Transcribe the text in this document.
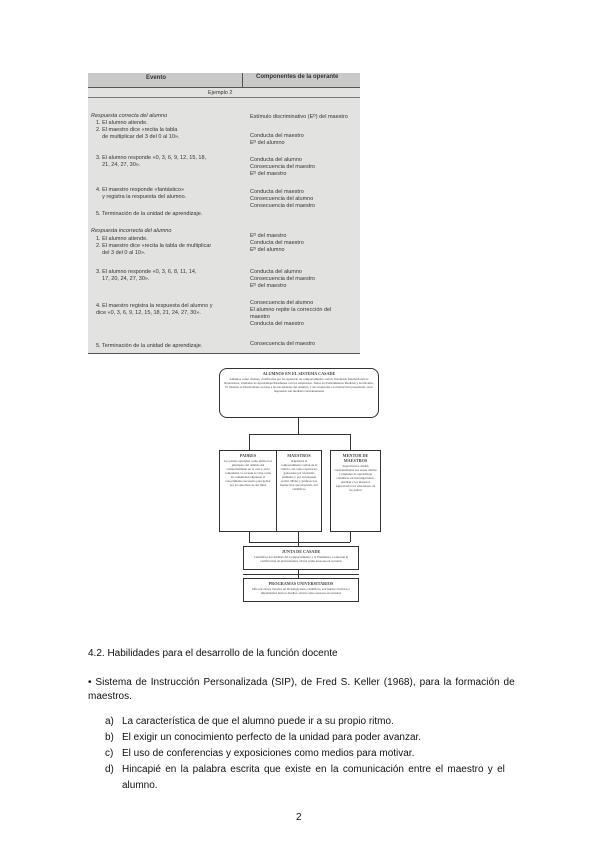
Evento	Componentes de la operante
Ejemplo 2
Respuesta correcta del alumno
1. El alumno atiende.
2. El maestro dice «recita la tabla
de multiplicar del 3 del 0 al 10».
3. El alumno responde «0, 3, 6, 9, 12, 15, 18,
21, 24, 27, 30».
4. El maestro responde «fantástico»
y registra la respuesta del alumno.
5. Terminación de la unidad de aprendizaje.
Respuesta incorrecta del alumno
1. El alumno atiende.
2. El maestro dice «recita la tabla de multiplicar
del 3 del 0 al 10».
3. El alumno responde «0, 3, 6, 8, 11, 14,
17, 20, 24, 27, 30».
4. El maestro registra la respuesta del alumno y
dice «0, 3, 6, 9, 12, 15, 18, 21, 24, 27, 30».
5. Terminación de la unidad de aprendizaje.
Estímulo discriminativo (Eᴰ) del maestro
Conducta del maestro
Eᴰ del alumno
Conducta del alumno
Consecuencia del maestro
Eᴰ del maestro
Conducta del maestro
Consecuencia del alumno
Consecuencia del maestro
Eᴰ del maestro
Conducta del maestro
Eᴰ del alumno
Conducta del alumno
Consecuencia del maestro
Eᴰ del maestro
Consecuencia del alumno
El alumno repite la corrección del
maestro
Conducta del maestro
Consecuencia del maestro
ALUMNOS EN EL SISTEMA CASADE
Alumnos como clientes, clasificados por su repertorio de comportamiento verbal, Inventario Internacional de Repertorios, Unidades de Aprendizaje/Enseñanza con los empleados, Todos los Pensamientos Medidos y Graficados, El Sistema es Desarrollado en base a las necesidades del Alumno, y sus respuestas a la instrucción presentada, estas respuestas son medidas constantemente
PADRES
Los padres aprenden como utilizar los principios del análisis del comportamiento en la casa y en la comunidad, la escuela se vista como en comunidad adquieren el conocimiento necesario para luchar por los derechos de sus hijos
MAESTROS
Adquieren el comportamiento verbal de la ciencia, así como repertorios generados por un medio ambiente y por su lenguaje verbal. Midas y gráficos tras instrucción que imparten, son científicos
MENTOR DE MAESTROS
Supervisores, miden constantemente sus tareas diarias y unidades de aprendizaje científicas en investigaciones, enseñan a los maestros supervisan a los educadores de los padres
JUNTA DE CASADE
Científicos del Análisis del Comportamiento y la Enseñanza. Controlan la certificación de profesionales, sirven como asesores en escuelas
PROGRAMAS UNIVERSITARIOS
Ofrecen cursos basados en investigaciones científicas, son líderes al iniciar e implementar nuevos diseños, sirven como asesores en escuelas
4.2. Habilidades para el desarrollo de la función docente
• Sistema de Instrucción Personalizada (SIP), de Fred S. Keller (1968), para la formación de
maestros.
a) La característica de que el alumno puede ir a su propio ritmo.
b) El exigir un conocimiento perfecto de la unidad para poder avanzar.
c) El uso de conferencias y exposiciones como medios para motivar.
d) Hincapié en la palabra escrita que existe en la comunicación entre el maestro y el
alumno.
2
